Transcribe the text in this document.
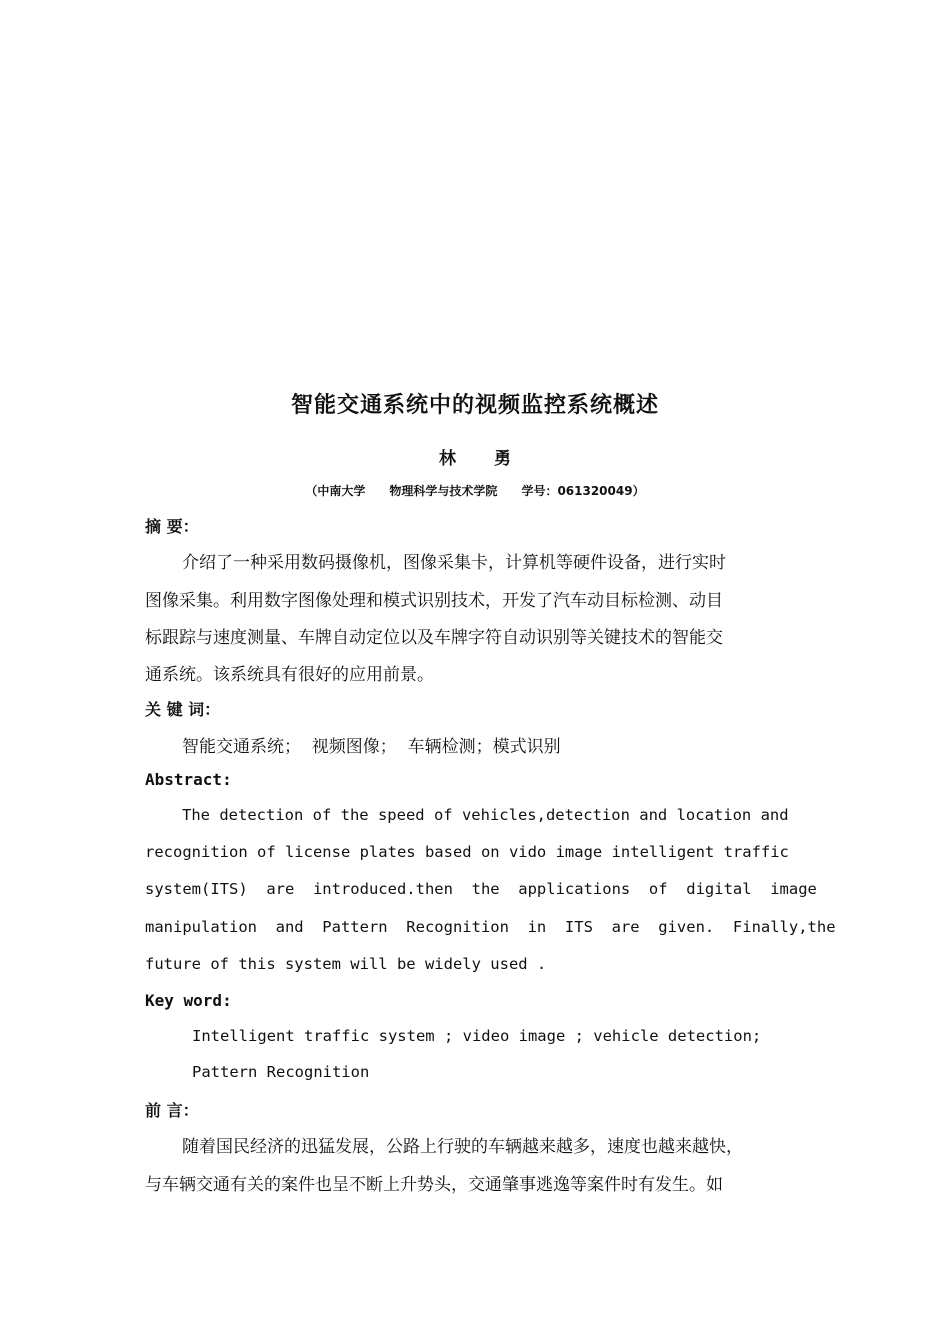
智能交通系统中的视频监控系统概述
林 勇
（中南大学 物理科学与技术学院 学号：061320049）
摘 要：
介绍了一种采用数码摄像机，图像采集卡，计算机等硬件设备，进行实时
图像采集。利用数字图像处理和模式识别技术，开发了汽车动目标检测、动目
标跟踪与速度测量、车牌自动定位以及车牌字符自动识别等关键技术的智能交
通系统。该系统具有很好的应用前景。
关 键 词：
智能交通系统；  视频图像；  车辆检测；模式识别
Abstract:
The detection of the speed of vehicles,detection and location and
recognition of license plates based on vido image intelligent traffic
system(ITS)  are  introduced.then  the  applications  of  digital  image
manipulation  and  Pattern  Recognition  in  ITS  are  given.  Finally,the
future of this system will be widely used .
Key word:
Intelligent traffic system ; video image ; vehicle detection;
Pattern Recognition
前 言：
随着国民经济的迅猛发展，公路上行驶的车辆越来越多，速度也越来越快，
与车辆交通有关的案件也呈不断上升势头，交通肇事逃逸等案件时有发生。如
